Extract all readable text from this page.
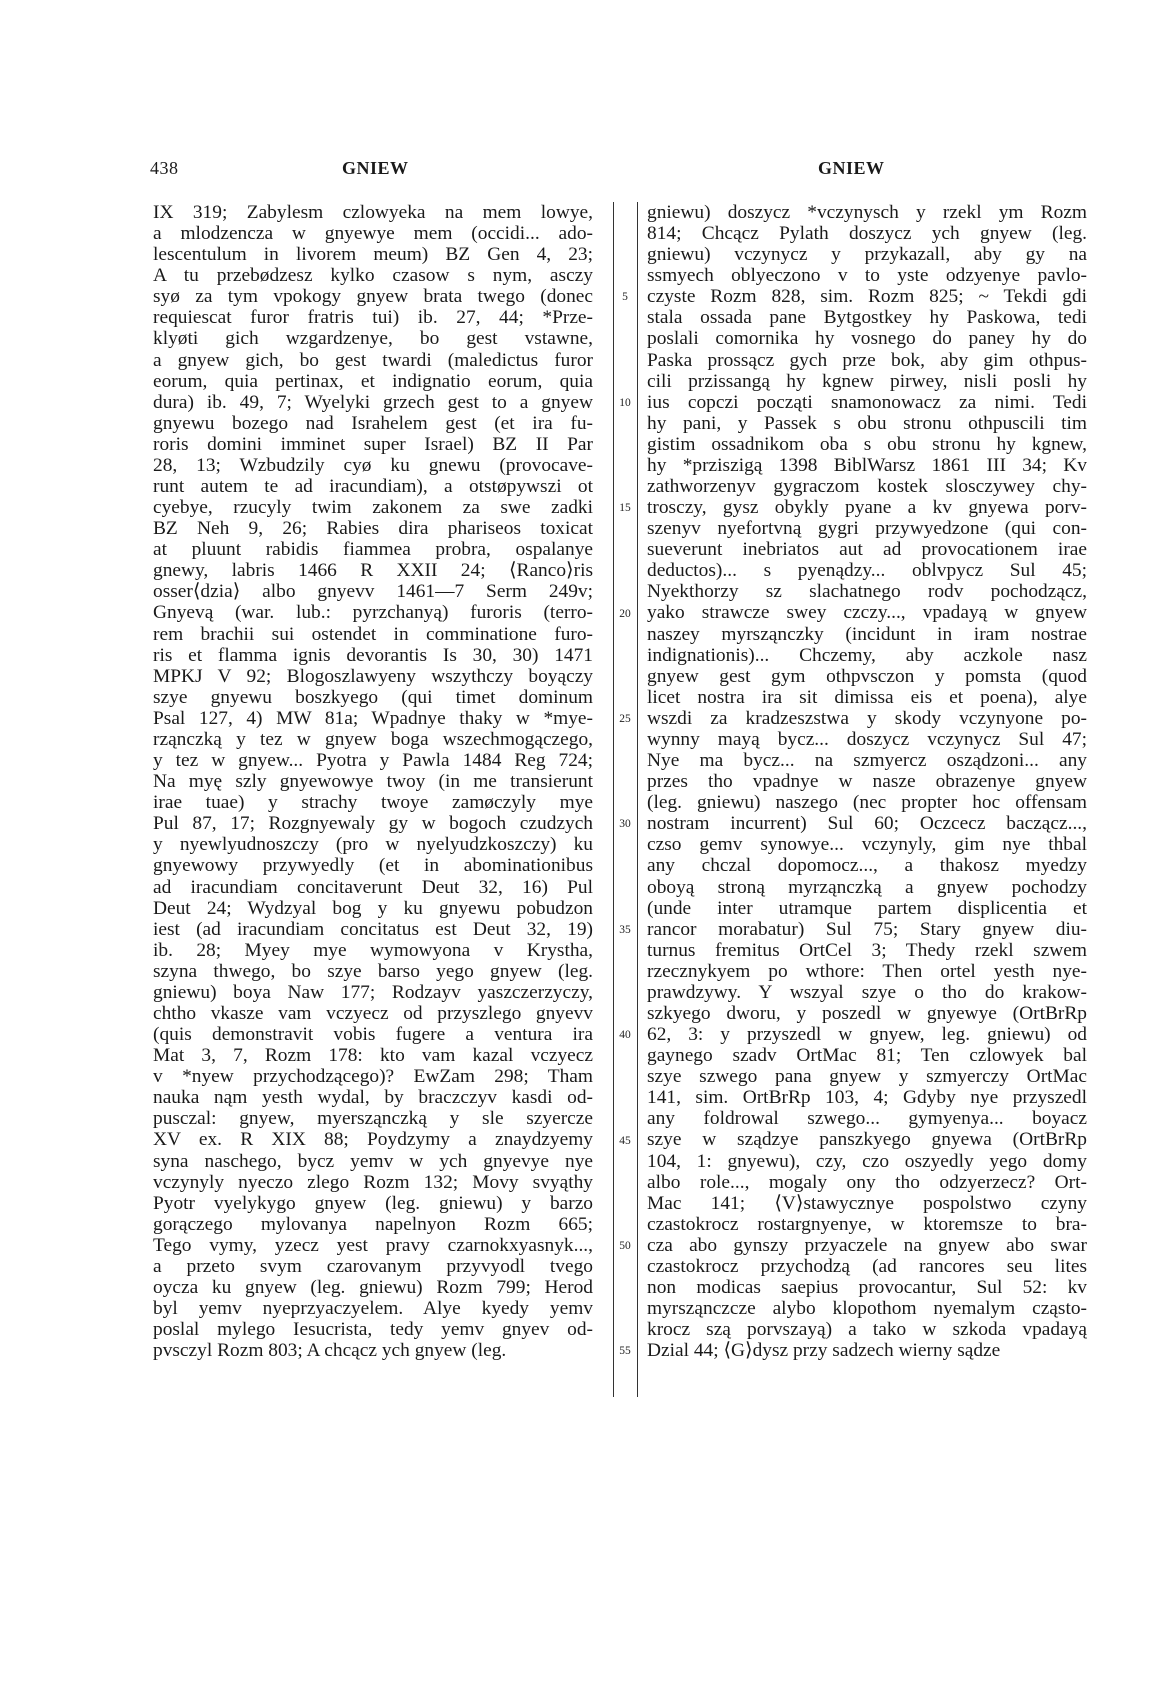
438	GNIEW	GNIEW
IX 319; Zabylesm czlowyeka na mem lowye,
a mlodzencza w gnyewye mem (occidi... ado-
lescentulum in livorem meum) BZ Gen 4, 23;
A tu przebødzesz kylko czasow s nym, asczy
syø za tym vpokogy gnyew brata twego (donec
requiescat furor fratris tui) ib. 27, 44; *Prze-
klyøti gich wzgardzenye, bo gest vstawne,
a gnyew gich, bo gest twardi (maledictus furor
eorum, quia pertinax, et indignatio eorum, quia
dura) ib. 49, 7; Wyelyki grzech gest to a gnyew
gnyewu bozego nad Israhelem gest (et ira fu-
roris domini imminet super Israel) BZ II Par
28, 13; Wzbudzily cyø ku gnewu (provocave-
runt autem te ad iracundiam), a otstøpywszi ot
cyebye, rzucyly twim zakonem za swe zadki
BZ Neh 9, 26; Rabies dira phariseos toxicat
at pluunt rabidis fiammea probra, ospalanye
gnewy, labris 1466 R XXII 24; ⟨Ranco⟩ris
osser⟨dzia⟩ albo gnyevv 1461—7 Serm 249v;
Gnyevą (war. lub.: pyrzchanyą) furoris (terro-
rem brachii sui ostendet in comminatione furo-
ris et flamma ignis devorantis Is 30, 30) 1471
MPKJ V 92; Blogoszlawyeny wszythczy boyączy
szye gnyewu boszkyego (qui timet dominum
Psal 127, 4) MW 81a; Wpadnye thaky w *mye-
rząnczką y tez w gnyew boga wszechmogączego,
y tez w gnyew... Pyotra y Pawla 1484 Reg 724;
Na myę szly gnyewowye twoy (in me transierunt
irae tuae) y strachy twoye zamøczyly mye
Pul 87, 17; Rozgnyewaly gy w bogoch czudzych
y nyewlyudnoszczy (pro w nyelyudzkoszczy) ku
gnyewowy przywyedly (et in abominationibus
ad iracundiam concitaverunt Deut 32, 16) Pul
Deut 24; Wydzyal bog y ku gnyewu pobudzon
iest (ad iracundiam concitatus est Deut 32, 19)
ib. 28; Myey mye wymowyona v Krystha,
szyna thwego, bo szye barso yego gnyew (leg.
gniewu) boya Naw 177; Rodzayv yaszczerzyczy,
chtho vkasze vam vczyecz od przyszlego gnyevv
(quis demonstravit vobis fugere a ventura ira
Mat 3, 7, Rozm 178: kto vam kazal vczyecz
v *nyew przychodzącego)? EwZam 298; Tham
nauka nąm yesth wydal, by braczczyv kasdi od-
pusczal: gnyew, myersząnczką y sle szyercze
XV ex. R XIX 88; Poydzymy a znaydzyemy
syna naschego, bycz yemv w ych gnyevye nye
vczynyly nyeczo zlego Rozm 132; Movy svyąthy
Pyotr vyelykygo gnyew (leg. gniewu) y barzo
gorączego mylovanya napelnyon Rozm 665;
Tego vymy, yzecz yest pravy czarnokxyasnyk...,
a przeto svym czarovanym przyvyodl tvego
oycza ku gnyew (leg. gniewu) Rozm 799; Herod
byl yemv nyeprzyaczyelem. Alye kyedy yemv
poslal mylego Iesucrista, tedy yemv gnyev od-
pvsczyl Rozm 803; A chcącz ych gnyew (leg.
5
10
15
20
25
30
35
40
45
50
55
gniewu) doszycz *vczynysch y rzekl ym Rozm
814; Chcącz Pylath doszycz ych gnyew (leg.
gniewu) vczynycz y przykazall, aby gy na
ssmyech oblyeczono v to yste odzyenye pavlo-
czyste Rozm 828, sim. Rozm 825; ~ Tekdi gdi
stala ossada pane Bytgostkey hy Paskowa, tedi
poslali comornika hy vosnego do paney hy do
Paska prossącz gych prze bok, aby gim othpus-
cili przissangą hy kgnew pirwey, nisli posli hy
ius copczi począti snamonowacz za nimi. Tedi
hy pani, y Passek s obu stronu othpuscili tim
gistim ossadnikom oba s obu stronu hy kgnew,
hy *prziszigą 1398 BiblWarsz 1861 III 34; Kv
zathworzenyv gygraczom kostek slosczywey chy-
trosczy, gysz obykly pyane a kv gnyewa porv-
szenyv nyefortvną gygri przywyedzone (qui con-
sueverunt inebriatos aut ad provocationem irae
deductos)... s pyenądzy... oblvpycz Sul 45;
Nyekthorzy sz slachatnego rodv pochodzącz,
yako strawcze swey czczy..., vpadayą w gnyew
naszey myrsząnczky (incidunt in iram nostrae
indignationis)... Chczemy, aby aczkole nasz
gnyew gest gym othpvsczon y pomsta (quod
licet nostra ira sit dimissa eis et poena), alye
wszdi za kradzeszstwa y skody vczynyone po-
wynny mayą bycz... doszycz vczynycz Sul 47;
Nye ma bycz... na szmyercz osządzoni... any
przes tho vpadnye w nasze obrazenye gnyew
(leg. gniewu) naszego (nec propter hoc offensam
nostram incurrent) Sul 60; Oczcecz baczącz...,
czso gemv synowye... vczynyly, gim nye thbal
any chczal dopomocz..., a thakosz myedzy
oboyą stroną myrząnczką a gnyew pochodzy
(unde inter utramque partem displicentia et
rancor morabatur) Sul 75; Stary gnyew diu-
turnus fremitus OrtCel 3; Thedy rzekl szwem
rzecznykyem po wthore: Then ortel yesth nye-
prawdzywy. Y wszyal szye o tho do krakow-
szkyego dworu, y poszedl w gnyewye (OrtBrRp
62, 3: y przyszedl w gnyew, leg. gniewu) od
gaynego szadv OrtMac 81; Ten czlowyek bal
szye szwego pana gnyew y szmyerczy OrtMac
141, sim. OrtBrRp 103, 4; Gdyby nye przyszedl
any foldrowal szwego... gymyenya... boyacz
szye w sządzye panszkyego gnyewa (OrtBrRp
104, 1: gnyewu), czy, czo oszyedly yego domy
albo role..., mogaly ony tho odzyerzecz? Ort-
Mac 141; ⟨V⟩stawycznye pospolstwo czyny
czastokrocz rostargnyenye, w ktoremsze to bra-
cza abo gynszy przyaczele na gnyew abo swar
czastokrocz przychodzą (ad rancores seu lites
non modicas saepius provocantur, Sul 52: kv
myrsząnczcze alybo klopothom nyemalym cząsto-
krocz szą porvszayą) a tako w szkoda vpadayą
Dzial 44; ⟨G⟩dysz przy sadzech wierny sądze
